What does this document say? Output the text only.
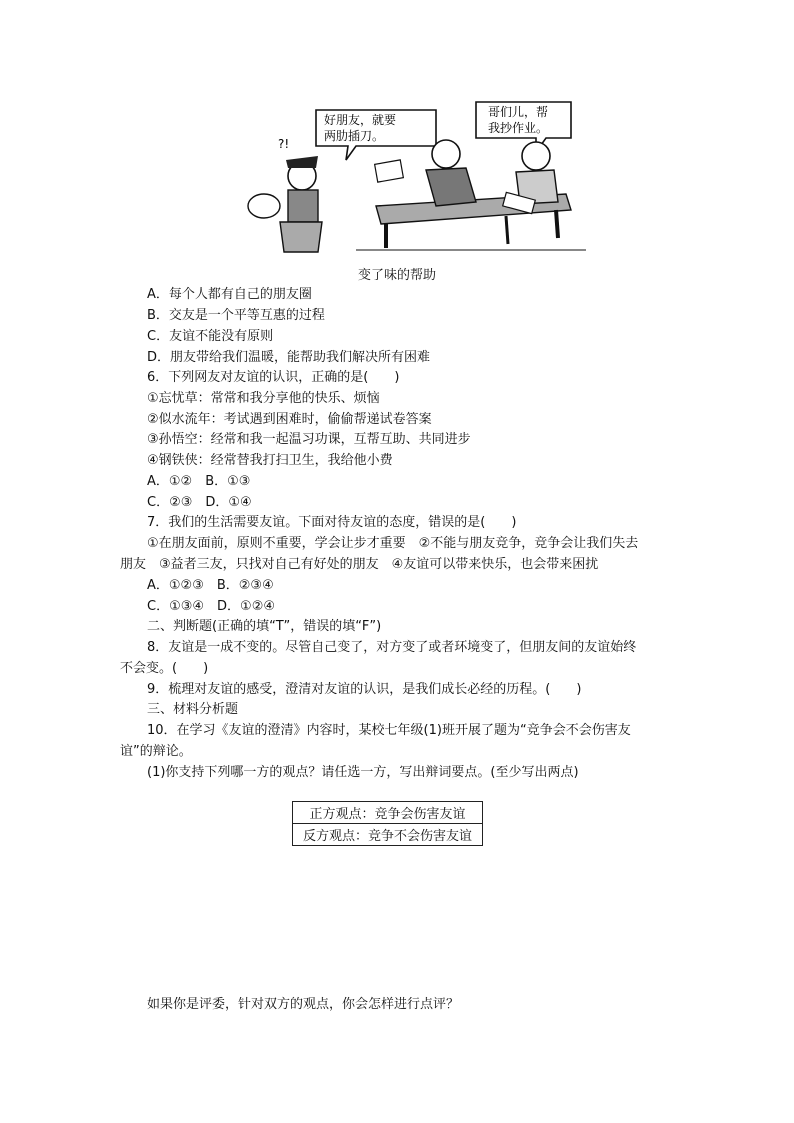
好朋友，就要
两肋插刀。
哥们儿，帮
我抄作业。
?!
变了味的帮助
A．每个人都有自己的朋友圈
B．交友是一个平等互惠的过程
C．友谊不能没有原则
D．朋友带给我们温暖，能帮助我们解决所有困难
6．下列网友对友谊的认识，正确的是(　　)
①忘忧草：常常和我分享他的快乐、烦恼
②似水流年：考试遇到困难时，偷偷帮递试卷答案
③孙悟空：经常和我一起温习功课，互帮互助、共同进步
④钢铁侠：经常替我打扫卫生，我给他小费
A．①②　B．①③
C．②③　D．①④
7．我们的生活需要友谊。下面对待友谊的态度，错误的是(　　)
①在朋友面前，原则不重要，学会让步才重要　②不能与朋友竞争，竞争会让我们失去
朋友　③益者三友，只找对自己有好处的朋友　④友谊可以带来快乐，也会带来困扰
A．①②③　B．②③④
C．①③④　D．①②④
二、判断题(正确的填“T”，错误的填“F”)
8．友谊是一成不变的。尽管自己变了，对方变了或者环境变了，但朋友间的友谊始终
不会变。(　　)
9．梳理对友谊的感受，澄清对友谊的认识，是我们成长必经的历程。(　　)
三、材料分析题
10．在学习《友谊的澄清》内容时，某校七年级(1)班开展了题为“竞争会不会伤害友
谊”的辩论。
(1)你支持下列哪一方的观点？请任选一方，写出辩词要点。(至少写出两点)
正方观点：竞争会伤害友谊
反方观点：竞争不会伤害友谊
如果你是评委，针对双方的观点，你会怎样进行点评？
